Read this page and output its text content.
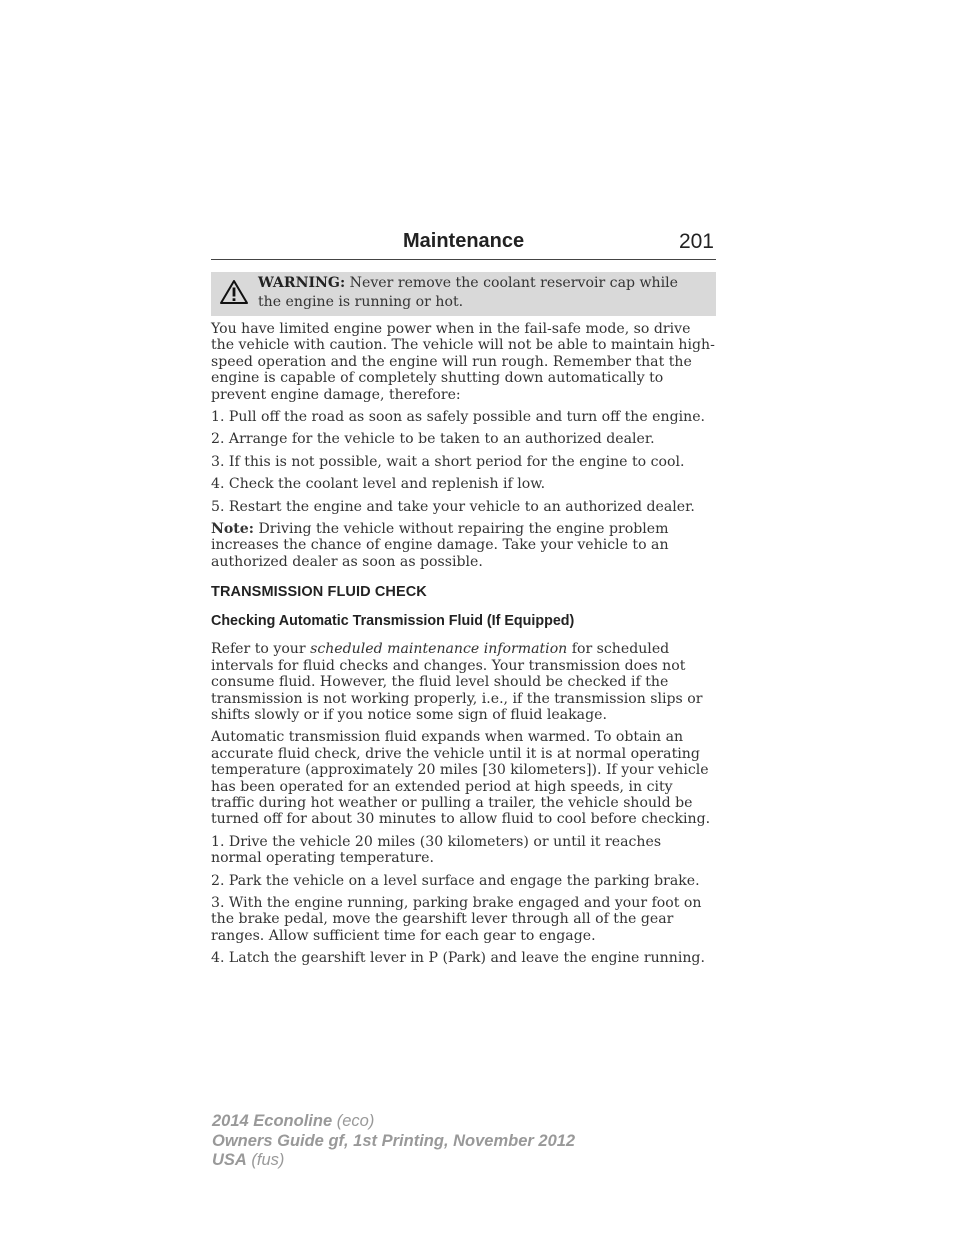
Maintenance	201

WARNING: Never remove the coolant reservoir cap while the engine is running or hot.

You have limited engine power when in the fail-safe mode, so drive the vehicle with caution. The vehicle will not be able to maintain high-speed operation and the engine will run rough. Remember that the engine is capable of completely shutting down automatically to prevent engine damage, therefore:

1. Pull off the road as soon as safely possible and turn off the engine.

2. Arrange for the vehicle to be taken to an authorized dealer.

3. If this is not possible, wait a short period for the engine to cool.

4. Check the coolant level and replenish if low.

5. Restart the engine and take your vehicle to an authorized dealer.

Note: Driving the vehicle without repairing the engine problem increases the chance of engine damage. Take your vehicle to an authorized dealer as soon as possible.

TRANSMISSION FLUID CHECK
Checking Automatic Transmission Fluid (If Equipped)

Refer to your scheduled maintenance information for scheduled intervals for fluid checks and changes. Your transmission does not consume fluid. However, the fluid level should be checked if the transmission is not working properly, i.e., if the transmission slips or shifts slowly or if you notice some sign of fluid leakage.

Automatic transmission fluid expands when warmed. To obtain an accurate fluid check, drive the vehicle until it is at normal operating temperature (approximately 20 miles [30 kilometers]). If your vehicle has been operated for an extended period at high speeds, in city traffic during hot weather or pulling a trailer, the vehicle should be turned off for about 30 minutes to allow fluid to cool before checking.

1. Drive the vehicle 20 miles (30 kilometers) or until it reaches normal operating temperature.

2. Park the vehicle on a level surface and engage the parking brake.

3. With the engine running, parking brake engaged and your foot on the brake pedal, move the gearshift lever through all of the gear ranges. Allow sufficient time for each gear to engage.

4. Latch the gearshift lever in P (Park) and leave the engine running.

2014 Econoline (eco)
Owners Guide gf, 1st Printing, November 2012
USA (fus)
